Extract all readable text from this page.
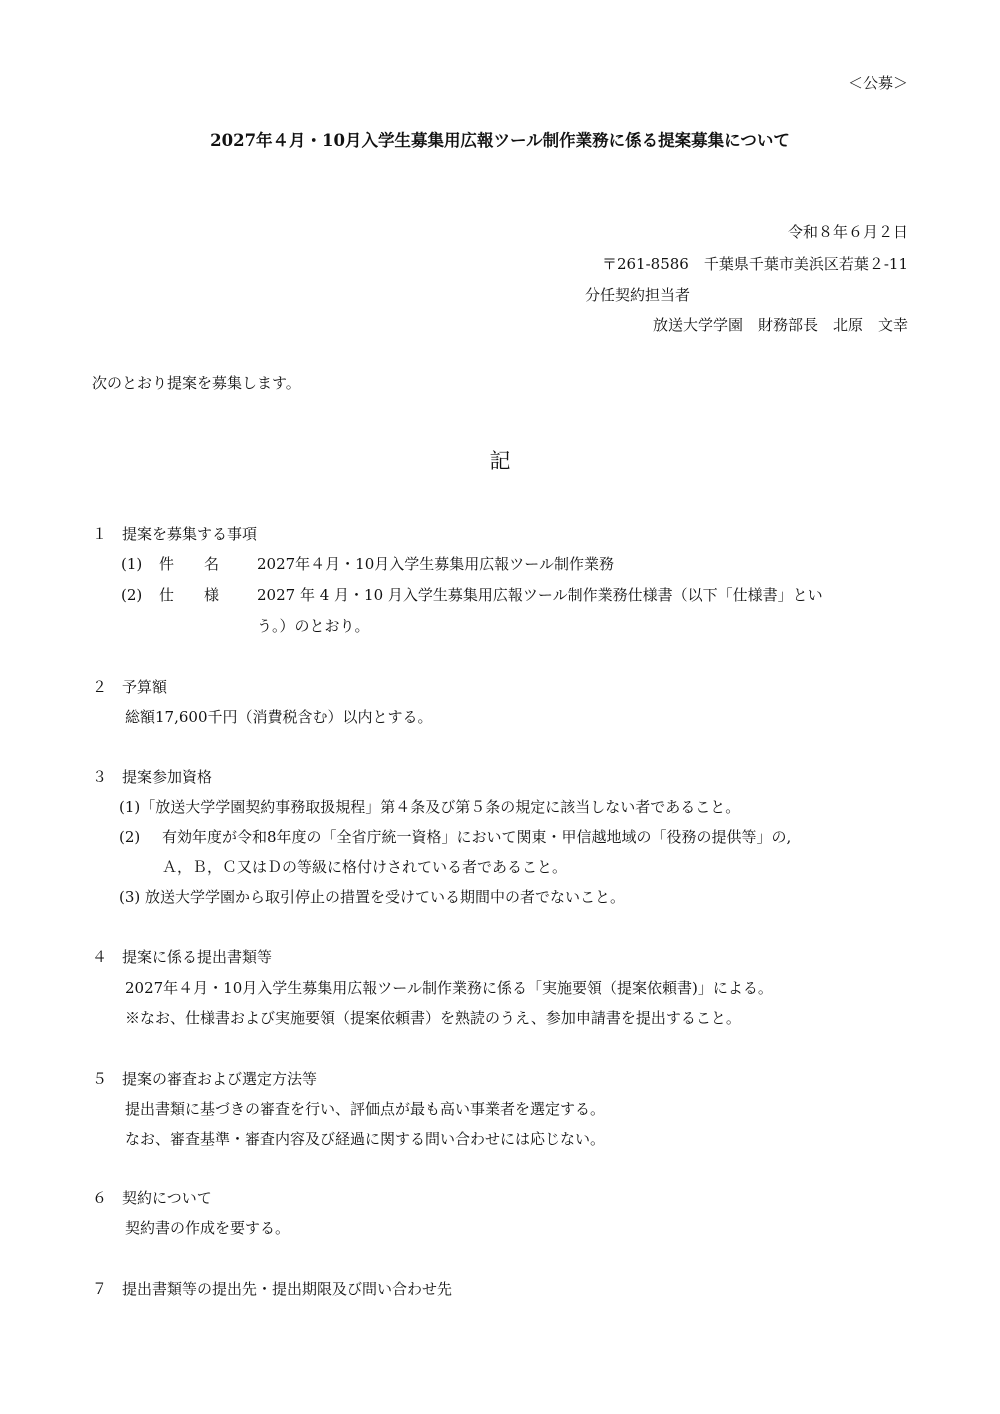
＜公募＞
2027年４月・10月入学生募集用広報ツール制作業務に係る提案募集について
令和８年６月２日
〒261-8586　千葉県千葉市美浜区若葉２-11
分任契約担当者
放送大学学園　財務部長　北原　文幸
次のとおり提案を募集します。
記
１　提案を募集する事項
(1) 件　　名	2027年４月・10月入学生募集用広報ツール制作業務
(2) 仕　　様	2027 年 4 月・10 月入学生募集用広報ツール制作業務仕様書（以下「仕様書」とい
う。）のとおり。
２　予算額
総額17,600千円（消費税含む）以内とする。
３　提案参加資格
(1)「放送大学学園契約事務取扱規程」第４条及び第５条の規定に該当しない者であること。
(2) 有効年度が令和8年度の「全省庁統一資格」において関東・甲信越地域の「役務の提供等」の,
Ａ，Ｂ，Ｃ又はＤの等級に格付けされている者であること。
(3) 放送大学学園から取引停止の措置を受けている期間中の者でないこと。
４　提案に係る提出書類等
2027年４月・10月入学生募集用広報ツール制作業務に係る「実施要領（提案依頼書)」による。
※なお、仕様書および実施要領（提案依頼書）を熟読のうえ、参加申請書を提出すること。
５　提案の審査および選定方法等
提出書類に基づきの審査を行い、評価点が最も高い事業者を選定する。
なお、審査基準・審査内容及び経過に関する問い合わせには応じない。
６　契約について
契約書の作成を要する。
７　提出書類等の提出先・提出期限及び問い合わせ先
